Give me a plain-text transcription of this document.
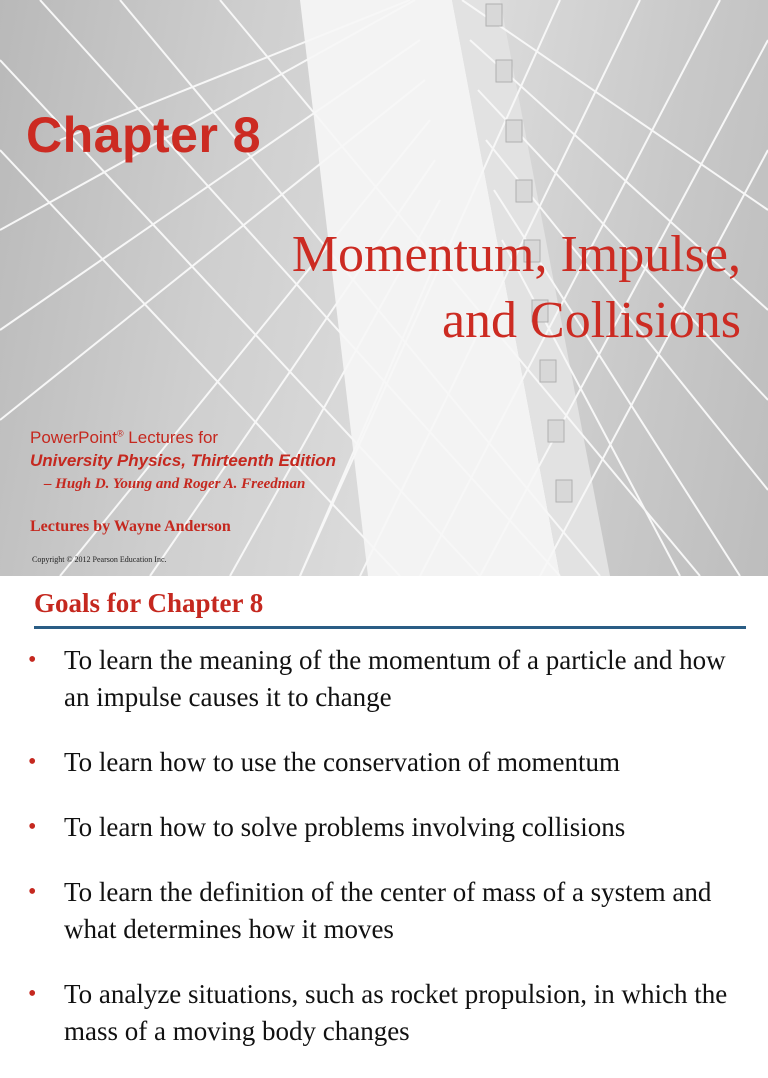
Chapter 8
Momentum, Impulse,
and Collisions
PowerPoint® Lectures for
University Physics, Thirteenth Edition
– Hugh D. Young and Roger A. Freedman
Lectures by Wayne Anderson
Copyright © 2012 Pearson Education Inc.
Goals for Chapter 8
• To learn the meaning of the momentum of a particle and how an impulse causes it to change
• To learn how to use the conservation of momentum
• To learn how to solve problems involving collisions
• To learn the definition of the center of mass of a system and what determines how it moves
• To analyze situations, such as rocket propulsion, in which the mass of a moving body changes
